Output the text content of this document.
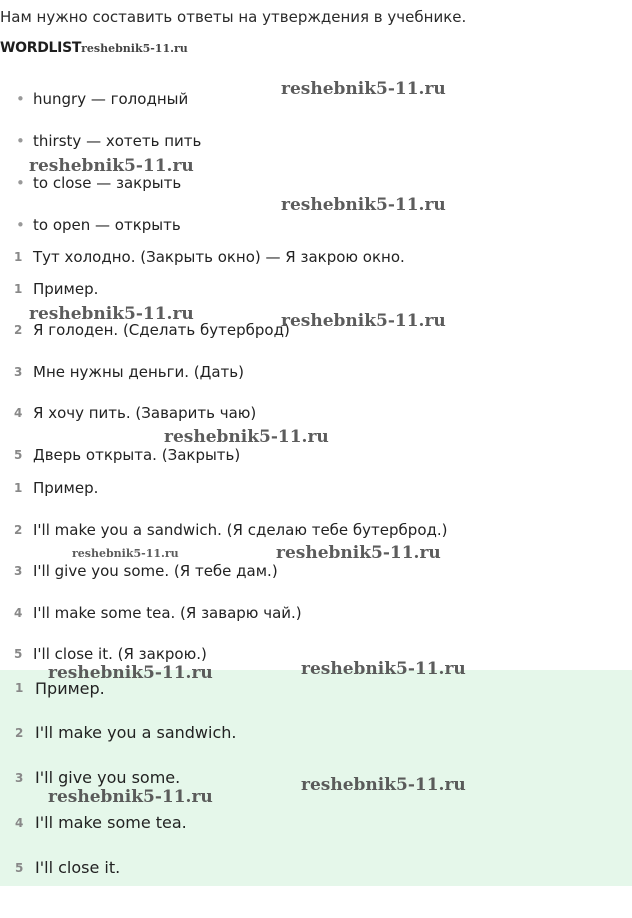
Нам нужно составить ответы на утверждения в учебнике.
WORDLISTreshebnik5-11.ru
• hungry — голодный
• thirsty — хотеть пить
• to close — закрыть
• to open — открыть
1 Тут холодно. (Закрыть окно) — Я закрою окно.
1 Пример.
2 Я голоден. (Сделать бутерброд)
3 Мне нужны деньги. (Дать)
4 Я хочу пить. (Заварить чаю)
5 Дверь открыта. (Закрыть)
1 Пример.
2 I'll make you a sandwich. (Я сделаю тебе бутерброд.)
3 I'll give you some. (Я тебе дам.)
4 I'll make some tea. (Я заварю чай.)
5 I'll close it. (Я закрою.)
1 Пример.
2 I'll make you a sandwich.
3 I'll give you some.
4 I'll make some tea.
5 I'll close it.
reshebnik5-11.ru
reshebnik5-11.ru
reshebnik5-11.ru
reshebnik5-11.ru	reshebnik5-11.ru
reshebnik5-11.ru
reshebnik5-11.ru	reshebnik5-11.ru
reshebnik5-11.ru	reshebnik5-11.ru
reshebnik5-11.ru
reshebnik5-11.ru
